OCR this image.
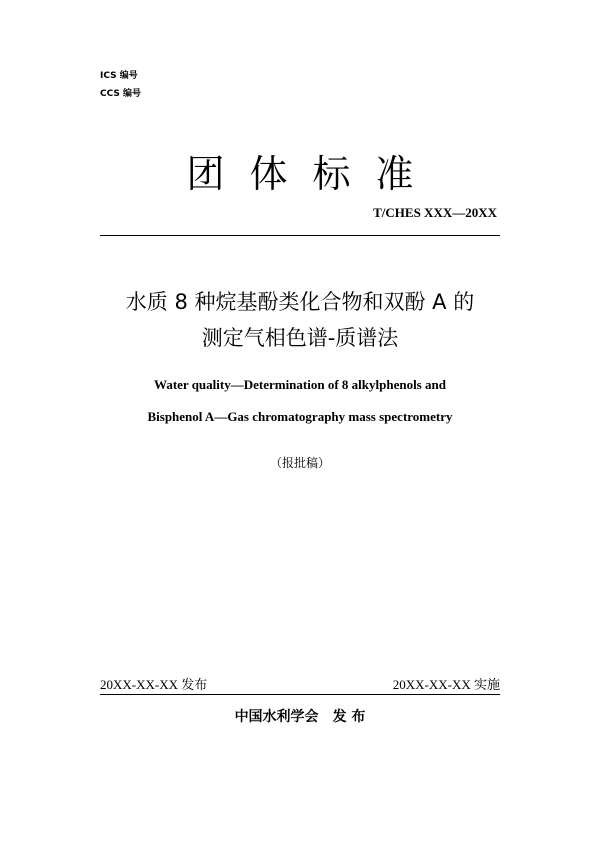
ICS 编号
CCS 编号
团体标准
T/CHES XXX—20XX
水质 8 种烷基酚类化合物和双酚 A 的
测定气相色谱-质谱法
Water quality—Determination of 8 alkylphenols and
Bisphenol A—Gas chromatography mass spectrometry
（报批稿）
20XX-XX-XX 发布	20XX-XX-XX 实施
中国水利学会 发 布
